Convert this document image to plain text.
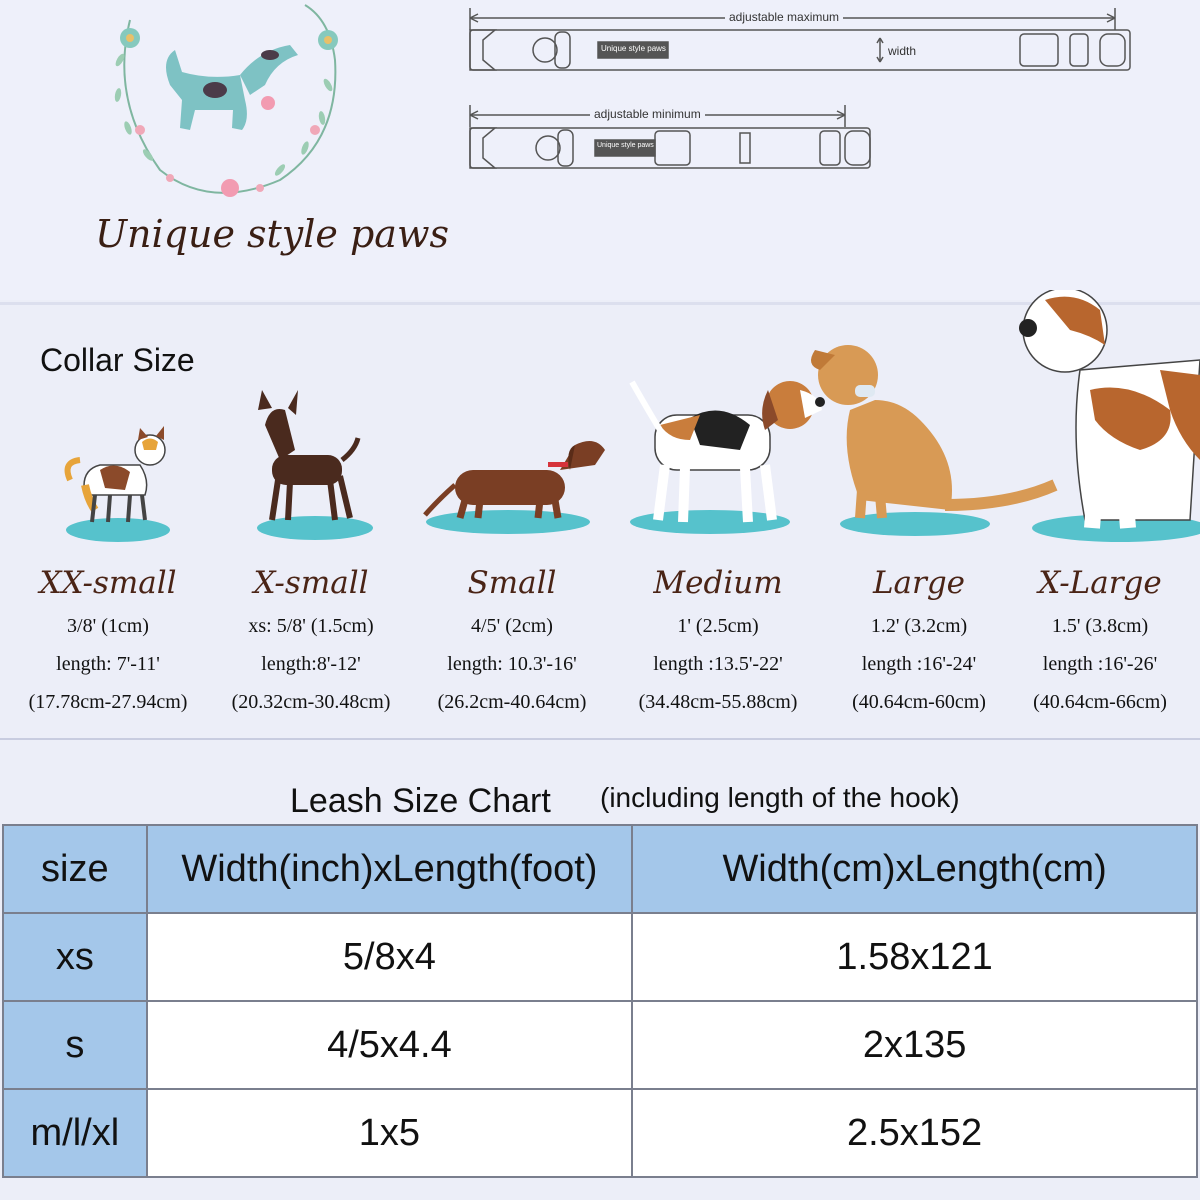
Unique style paws
adjustable maximum
adjustable minimum
width
Unique style paws
Unique style paws
Collar Size
XX-small
3/8' (1cm)
length: 7'-11'
(17.78cm-27.94cm)
X-small
xs: 5/8' (1.5cm)
length:8'-12'
(20.32cm-30.48cm)
Small
4/5' (2cm)
length: 10.3'-16'
(26.2cm-40.64cm)
Medium
1' (2.5cm)
length :13.5'-22'
(34.48cm-55.88cm)
Large
1.2' (3.2cm)
length :16'-24'
(40.64cm-60cm)
X-Large
1.5' (3.8cm)
length :16'-26'
(40.64cm-66cm)
Leash Size Chart (including length of the hook)
size	Width(inch)xLength(foot)	Width(cm)xLength(cm)
xs	5/8x4	1.58x121
s	4/5x4.4	2x135
m/l/xl	1x5	2.5x152
